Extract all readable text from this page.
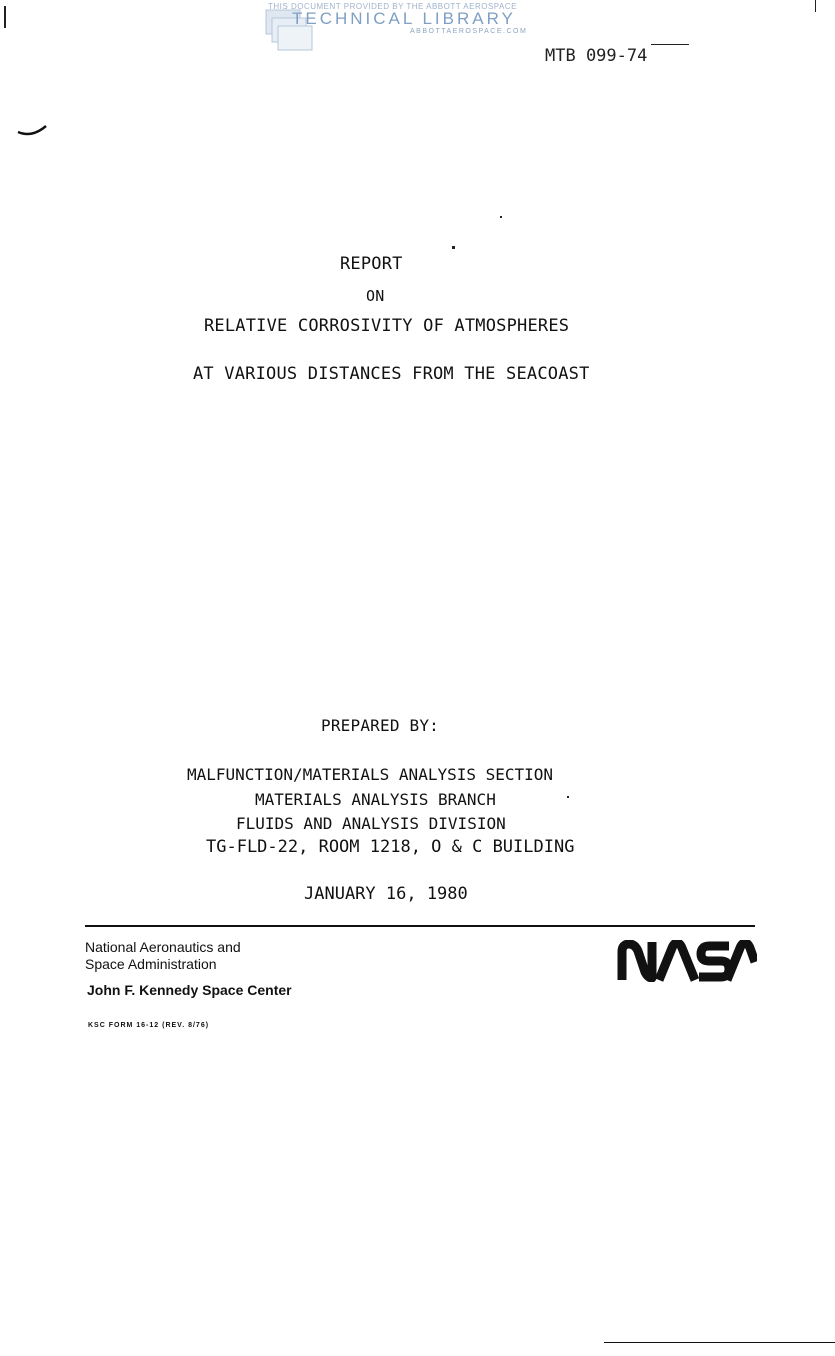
THIS DOCUMENT PROVIDED BY THE ABBOTT AEROSPACE
TECHNICAL LIBRARY
ABBOTTAEROSPACE.COM
MTB 099-74
REPORT
ON
RELATIVE CORROSIVITY OF ATMOSPHERES
AT VARIOUS DISTANCES FROM THE SEACOAST
PREPARED BY:
MALFUNCTION/MATERIALS ANALYSIS SECTION
MATERIALS ANALYSIS BRANCH
FLUIDS AND ANALYSIS DIVISION
TG-FLD-22, ROOM 1218, O & C BUILDING
JANUARY 16, 1980
National Aeronautics and
Space Administration
John F. Kennedy Space Center
KSC FORM 16-12 (REV. 8/76)
